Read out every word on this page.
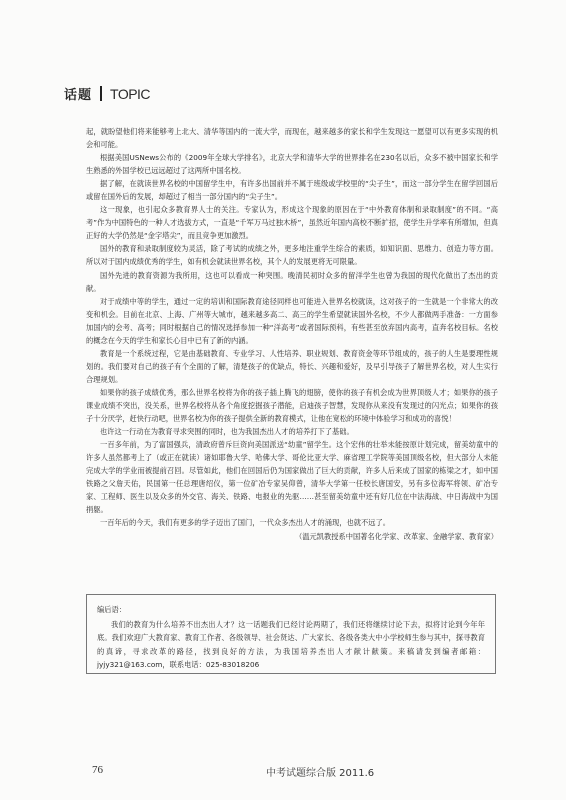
话题 TOPIC

起，就盼望他们将来能够考上北大、清华等国内的一流大学，而现在，越来越多的家长和学生发现这一愿望可以有更多实现的机会和可能。

根据美国USNews公布的《2009年全球大学排名》，北京大学和清华大学的世界排名在230名以后，众多不被中国家长和学生熟悉的外国学校已远远超过了这两所中国名校。

据了解，在就读世界名校的中国留学生中，有许多出国前并不属于班级或学校里的“尖子生”，而这一部分学生在留学回国后或留在国外后的发展，却超过了相当一部分国内的“尖子生”。

这一现象，也引起众多教育界人士的关注。专家认为，形成这个现象的原因在于“中外教育体制和录取制度”的不同。“高考”作为中国特色的一种人才选拔方式，一直是“千军万马过独木桥”，虽然近年国内高校不断扩招，使学生升学率有所增加，但真正好的大学仍然是“金字塔尖”，而且竞争更加激烈。

国外的教育和录取制度较为灵活，除了考试的成绩之外，更多地注重学生综合的素质，如知识面、思维力、创造力等方面。所以对于国内成绩优秀的学生，如有机会就读世界名校，其个人的发展更将无可限量。

国外先进的教育资源为我所用，这也可以看成一种突围。晚清民初时众多的留洋学生也曾为我国的现代化做出了杰出的贡献。

对于成绩中等的学生，通过一定的培训和国际教育途径同样也可能进入世界名校就读，这对孩子的一生就是一个非常大的改变和机会。目前在北京、上海、广州等大城市，越来越多高二、高三的学生希望就读国外名校，不少人都做两手准备：一方面参加国内的会考、高考；同时根据自己的情况选择参加一种“洋高考”或者国际预科，有些甚至放弃国内高考，直奔名校目标。名校的概念在今天的学生和家长心目中已有了新的内涵。

教育是一个系统过程，它是由基础教育、专业学习、人性培养、职业规划、教育资金等环节组成的，孩子的人生是要理性规划的。我们要对自己的孩子有个全面的了解，清楚孩子的优缺点，特长、兴趣和爱好，及早引导孩子了解世界名校，对人生实行合理规划。

如果你的孩子成绩优秀，那么世界名校将为你的孩子插上腾飞的翅膀，使你的孩子有机会成为世界顶级人才；如果你的孩子课业成绩不突出，没关系，世界名校将从各个角度挖掘孩子潜能，启迪孩子智慧，发现你从来没有发现过的闪光点；如果你的孩子十分厌学，赶快行动吧，世界名校为你的孩子提供全新的教育模式，让他在宽松的环境中体验学习和成功的喜悦！

也许这一行动在为教育寻求突围的同时，也为我国杰出人才的培养打下了基础。

一百多年前，为了富国强兵，清政府曾斥巨资向美国派送“幼童”留学生。这个宏伟的壮举未能按原计划完成，留美幼童中的许多人虽然都考上了（或正在就读）诸如耶鲁大学、哈佛大学、哥伦比亚大学、麻省理工学院等美国顶级名校，但大部分人未能完成大学的学业而被提前召回。尽管如此，他们在回国后仍为国家做出了巨大的贡献，许多人后来成了国家的栋梁之才，如中国铁路之父詹天佑，民国第一任总理唐绍仪，第一位矿冶专家吴仰曾，清华大学第一任校长唐国安，另有多位海军将领、矿冶专家、工程师、医生以及众多的外交官、海关、铁路、电报业的先驱……甚至留美幼童中还有好几位在中法海战、中日海战中为国捐躯。

一百年后的今天，我们有更多的学子迈出了国门，一代众多杰出人才的涌现，也就不远了。

（温元凯教授系中国著名化学家、改革家、金融学家、教育家）

编后语：

我们的教育为什么培养不出杰出人才？这一话题我们已经讨论两期了，我们还将继续讨论下去，拟将讨论到今年年底。我们欢迎广大教育家、教育工作者、各级领导、社会贤达、广大家长、各级各类大中小学校师生参与其中，探寻教育的真谛，寻求改革的路径，找到良好的方法，为我国培养杰出人才献计献策。来稿请发到编者邮箱：jyjy321@163.com，联系电话：025-83018206

76	中考试题综合版 2011.6
